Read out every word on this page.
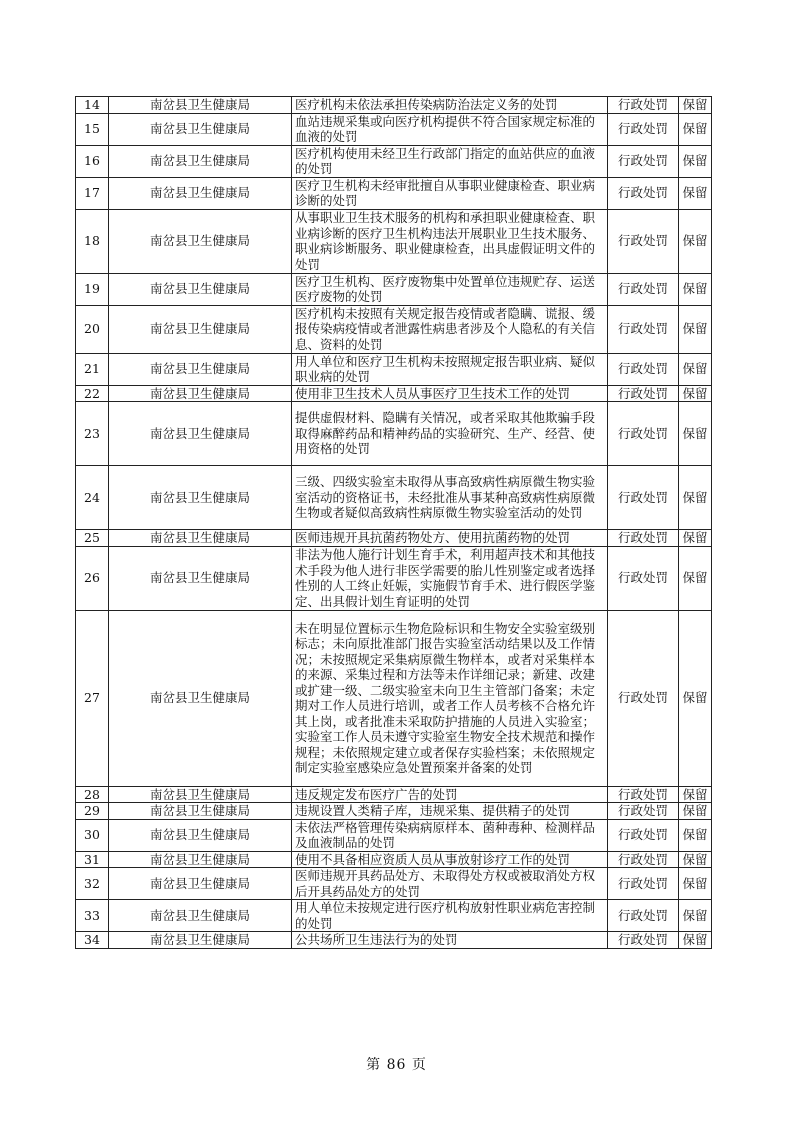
14	南岔县卫生健康局	医疗机构未依法承担传染病防治法定义务的处罚	行政处罚	保留
15	南岔县卫生健康局	血站违规采集或向医疗机构提供不符合国家规定标准的血液的处罚	行政处罚	保留
16	南岔县卫生健康局	医疗机构使用未经卫生行政部门指定的血站供应的血液的处罚	行政处罚	保留
17	南岔县卫生健康局	医疗卫生机构未经审批擅自从事职业健康检查、职业病诊断的处罚	行政处罚	保留
18	南岔县卫生健康局	从事职业卫生技术服务的机构和承担职业健康检查、职业病诊断的医疗卫生机构违法开展职业卫生技术服务、职业病诊断服务、职业健康检查，出具虚假证明文件的处罚	行政处罚	保留
19	南岔县卫生健康局	医疗卫生机构、医疗废物集中处置单位违规贮存、运送医疗废物的处罚	行政处罚	保留
20	南岔县卫生健康局	医疗机构未按照有关规定报告疫情或者隐瞒、谎报、缓报传染病疫情或者泄露性病患者涉及个人隐私的有关信息、资料的处罚	行政处罚	保留
21	南岔县卫生健康局	用人单位和医疗卫生机构未按照规定报告职业病、疑似职业病的处罚	行政处罚	保留
22	南岔县卫生健康局	使用非卫生技术人员从事医疗卫生技术工作的处罚	行政处罚	保留
23	南岔县卫生健康局	提供虚假材料、隐瞒有关情况，或者采取其他欺骗手段取得麻醉药品和精神药品的实验研究、生产、经营、使用资格的处罚	行政处罚	保留
24	南岔县卫生健康局	三级、四级实验室未取得从事高致病性病原微生物实验室活动的资格证书，未经批准从事某种高致病性病原微生物或者疑似高致病性病原微生物实验室活动的处罚	行政处罚	保留
25	南岔县卫生健康局	医师违规开具抗菌药物处方、使用抗菌药物的处罚	行政处罚	保留
26	南岔县卫生健康局	非法为他人施行计划生育手术，利用超声技术和其他技术手段为他人进行非医学需要的胎儿性别鉴定或者选择性别的人工终止妊娠，实施假节育手术、进行假医学鉴定、出具假计划生育证明的处罚	行政处罚	保留
27	南岔县卫生健康局	未在明显位置标示生物危险标识和生物安全实验室级别标志；未向原批准部门报告实验室活动结果以及工作情况；未按照规定采集病原微生物样本，或者对采集样本的来源、采集过程和方法等未作详细记录；新建、改建或扩建一级、二级实验室未向卫生主管部门备案；未定期对工作人员进行培训，或者工作人员考核不合格允许其上岗，或者批准未采取防护措施的人员进入实验室；实验室工作人员未遵守实验室生物安全技术规范和操作规程；未依照规定建立或者保存实验档案；未依照规定制定实验室感染应急处置预案并备案的处罚	行政处罚	保留
28	南岔县卫生健康局	违反规定发布医疗广告的处罚	行政处罚	保留
29	南岔县卫生健康局	违规设置人类精子库，违规采集、提供精子的处罚	行政处罚	保留
30	南岔县卫生健康局	未依法严格管理传染病病原样本、菌种毒种、检测样品及血液制品的处罚	行政处罚	保留
31	南岔县卫生健康局	使用不具备相应资质人员从事放射诊疗工作的处罚	行政处罚	保留
32	南岔县卫生健康局	医师违规开具药品处方、未取得处方权或被取消处方权后开具药品处方的处罚	行政处罚	保留
33	南岔县卫生健康局	用人单位未按规定进行医疗机构放射性职业病危害控制的处罚	行政处罚	保留
34	南岔县卫生健康局	公共场所卫生违法行为的处罚	行政处罚	保留
第 86 页
